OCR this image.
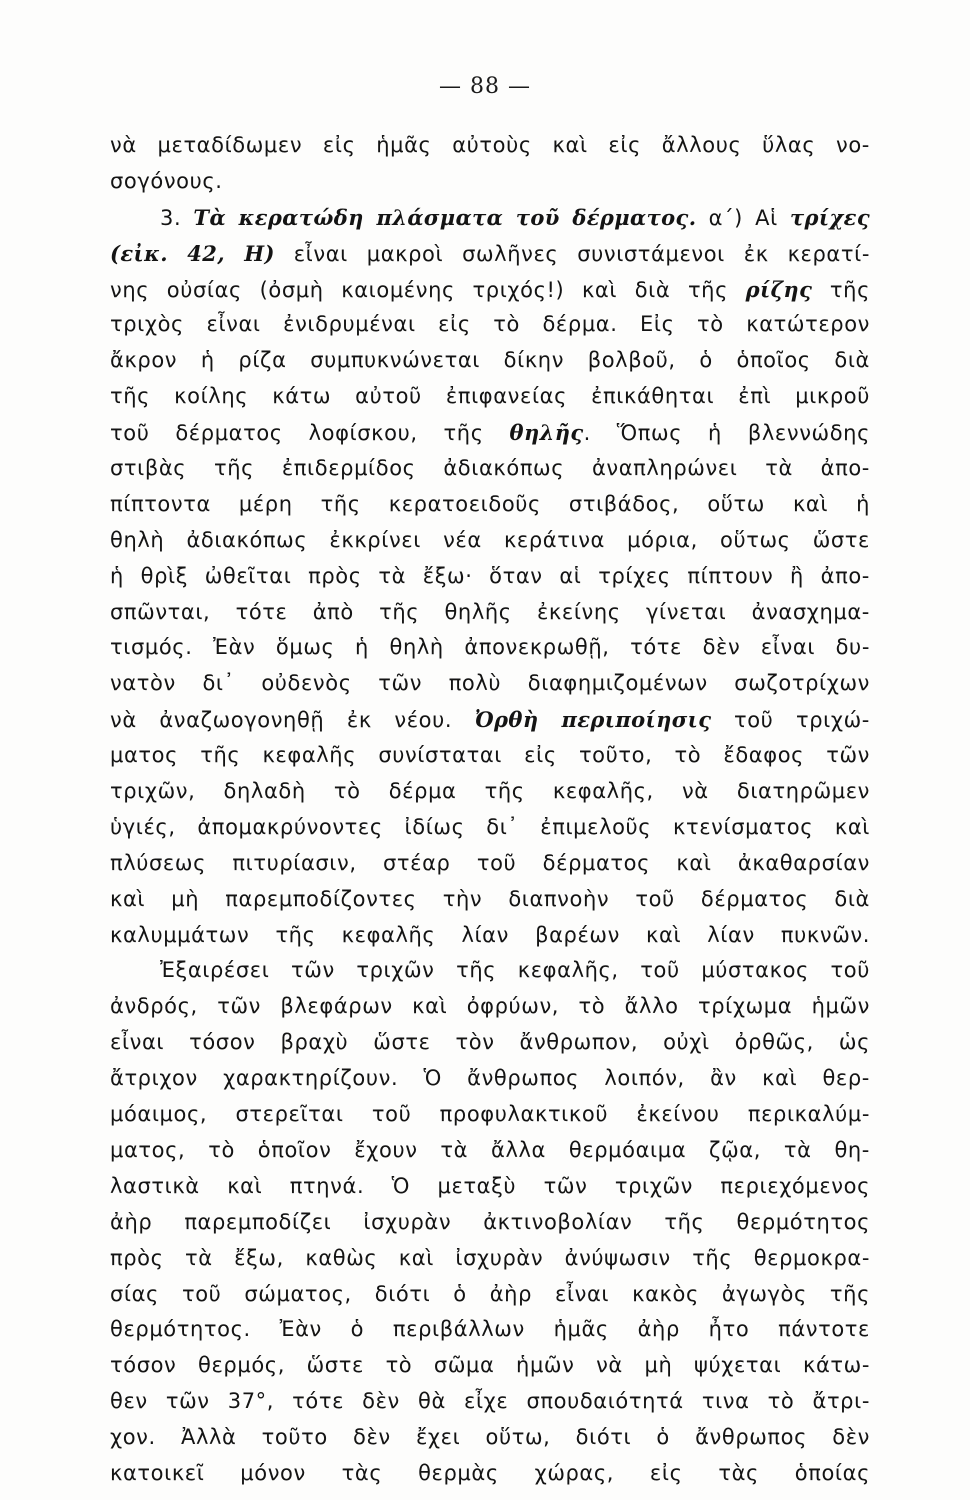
— 88 —
νὰ μεταδίδωμεν εἰς ἡμᾶς αὐτοὺς καὶ εἰς ἄλλους ὕλας νο-
σογόνους.
3. Τὰ κερατώδη πλάσματα τοῦ δέρματος. α΄) Αἱ τρίχες
(εἰκ. 42, Η) εἶναι μακροὶ σωλῆνες συνιστάμενοι ἐκ κερατί-
νης οὐσίας (ὀσμὴ καιομένης τριχός!) καὶ διὰ τῆς ρίζης τῆς
τριχὸς εἶναι ἐνιδρυμέναι εἰς τὸ δέρμα. Εἰς τὸ κατώτερον
ἄκρον ἡ ρίζα συμπυκνώνεται δίκην βολβοῦ, ὁ ὁποῖος διὰ
τῆς κοίλης κάτω αὐτοῦ ἐπιφανείας ἐπικάθηται ἐπὶ μικροῦ
τοῦ δέρματος λοφίσκου, τῆς θηλῆς. Ὅπως ἡ βλεννώδης
στιβὰς τῆς ἐπιδερμίδος ἀδιακόπως ἀναπληρώνει τὰ ἀπο-
πίπτοντα μέρη τῆς κερατοειδοῦς στιβάδος, οὕτω καὶ ἡ
θηλὴ ἀδιακόπως ἐκκρίνει νέα κεράτινα μόρια, οὕτως ὥστε
ἡ θρὶξ ὠθεῖται πρὸς τὰ ἔξω· ὅταν αἱ τρίχες πίπτουν ἢ ἀπο-
σπῶνται, τότε ἀπὸ τῆς θηλῆς ἐκείνης γίνεται ἀνασχημα-
τισμός. Ἐὰν ὅμως ἡ θηλὴ ἀπονεκρωθῇ, τότε δὲν εἶναι δυ-
νατὸν δι᾽ οὐδενὸς τῶν πολὺ διαφημιζομένων σωζοτρίχων
νὰ ἀναζωογονηθῇ ἐκ νέου. Ὀρθὴ περιποίησις τοῦ τριχώ-
ματος τῆς κεφαλῆς συνίσταται εἰς τοῦτο, τὸ ἔδαφος τῶν
τριχῶν, δηλαδὴ τὸ δέρμα τῆς κεφαλῆς, νὰ διατηρῶμεν
ὑγιές, ἀπομακρύνοντες ἰδίως δι᾽ ἐπιμελοῦς κτενίσματος καὶ
πλύσεως πιτυρίασιν, στέαρ τοῦ δέρματος καὶ ἀκαθαρσίαν
καὶ μὴ παρεμποδίζοντες τὴν διαπνοὴν τοῦ δέρματος διὰ
καλυμμάτων τῆς κεφαλῆς λίαν βαρέων καὶ λίαν πυκνῶν.
Ἐξαιρέσει τῶν τριχῶν τῆς κεφαλῆς, τοῦ μύστακος τοῦ
ἀνδρός, τῶν βλεφάρων καὶ ὀφρύων, τὸ ἄλλο τρίχωμα ἡμῶν
εἶναι τόσον βραχὺ ὥστε τὸν ἄνθρωπον, οὐχὶ ὀρθῶς, ὡς
ἄτριχον χαρακτηρίζουν. Ὁ ἄνθρωπος λοιπόν, ἂν καὶ θερ-
μόαιμος, στερεῖται τοῦ προφυλακτικοῦ ἐκείνου περικαλύμ-
ματος, τὸ ὁποῖον ἔχουν τὰ ἄλλα θερμόαιμα ζῷα, τὰ θη-
λαστικὰ καὶ πτηνά. Ὁ μεταξὺ τῶν τριχῶν περιεχόμενος
ἀὴρ παρεμποδίζει ἰσχυρὰν ἀκτινοβολίαν τῆς θερμότητος
πρὸς τὰ ἔξω, καθὼς καὶ ἰσχυρὰν ἀνύψωσιν τῆς θερμοκρα-
σίας τοῦ σώματος, διότι ὁ ἀὴρ εἶναι κακὸς ἀγωγὸς τῆς
θερμότητος. Ἐὰν ὁ περιβάλλων ἡμᾶς ἀὴρ ἦτο πάντοτε
τόσον θερμός, ὥστε τὸ σῶμα ἡμῶν νὰ μὴ ψύχεται κάτω-
θεν τῶν 37°, τότε δὲν θὰ εἶχε σπουδαιότητά τινα τὸ ἄτρι-
χον. Ἀλλὰ τοῦτο δὲν ἔχει οὕτω, διότι ὁ ἄνθρωπος δὲν
κατοικεῖ μόνον τὰς θερμὰς χώρας, εἰς τὰς ὁποίας
